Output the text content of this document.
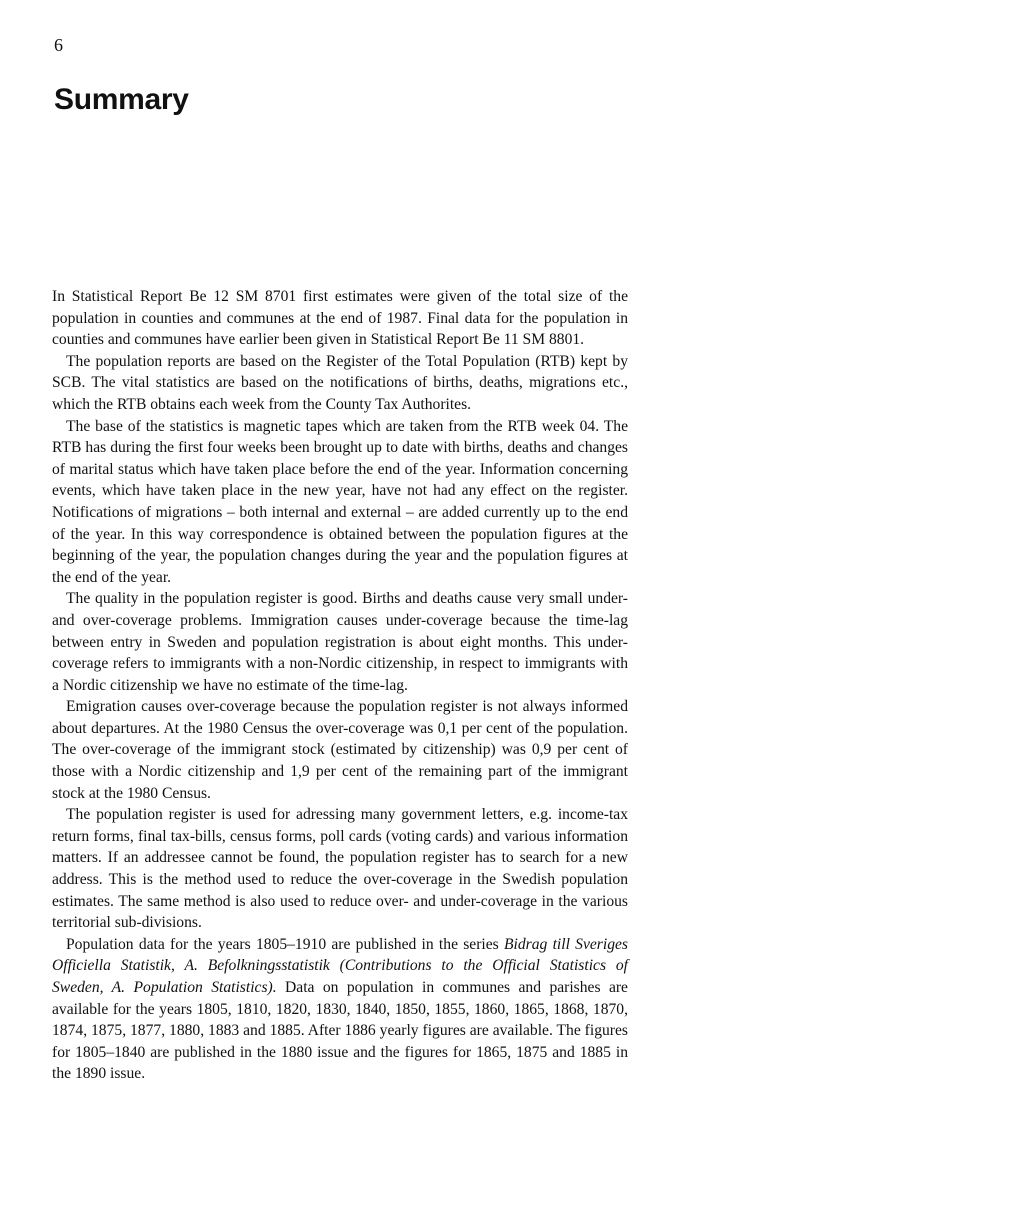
6
Summary

In Statistical Report Be 12 SM 8701 first estimates were given of the total size of the population in counties and communes at the end of 1987. Final data for the population in counties and communes have earlier been given in Statistical Report Be 11 SM 8801.

The population reports are based on the Register of the Total Population (RTB) kept by SCB. The vital statistics are based on the notifications of births, deaths, migrations etc., which the RTB obtains each week from the County Tax Authorites.

The base of the statistics is magnetic tapes which are taken from the RTB week 04. The RTB has during the first four weeks been brought up to date with births, deaths and changes of marital status which have taken place before the end of the year. Information concerning events, which have taken place in the new year, have not had any effect on the register. Notifications of migrations – both internal and external – are added currently up to the end of the year. In this way correspondence is obtained between the population figures at the beginning of the year, the population changes during the year and the population figures at the end of the year.

The quality in the population register is good. Births and deaths cause very small under- and over-coverage problems. Immigration causes under-coverage because the time-lag between entry in Sweden and population registration is about eight months. This under-coverage refers to immigrants with a non-Nordic citizenship, in respect to immigrants with a Nordic citizenship we have no estimate of the time-lag.

Emigration causes over-coverage because the population register is not always informed about departures. At the 1980 Census the over-coverage was 0,1 per cent of the population. The over-coverage of the immigrant stock (estimated by citizenship) was 0,9 per cent of those with a Nordic citizenship and 1,9 per cent of the remaining part of the immigrant stock at the 1980 Census.

The population register is used for adressing many government letters, e.g. income-tax return forms, final tax-bills, census forms, poll cards (voting cards) and various information matters. If an addressee cannot be found, the population register has to search for a new address. This is the method used to reduce the over-coverage in the Swedish population estimates. The same method is also used to reduce over- and under-coverage in the various territorial sub-divisions.

Population data for the years 1805–1910 are published in the series Bidrag till Sveriges Officiella Statistik, A. Befolkningsstatistik (Contributions to the Official Statistics of Sweden, A. Population Statistics). Data on population in communes and parishes are available for the years 1805, 1810, 1820, 1830, 1840, 1850, 1855, 1860, 1865, 1868, 1870, 1874, 1875, 1877, 1880, 1883 and 1885. After 1886 yearly figures are available. The figures for 1805–1840 are published in the 1880 issue and the figures for 1865, 1875 and 1885 in the 1890 issue.
